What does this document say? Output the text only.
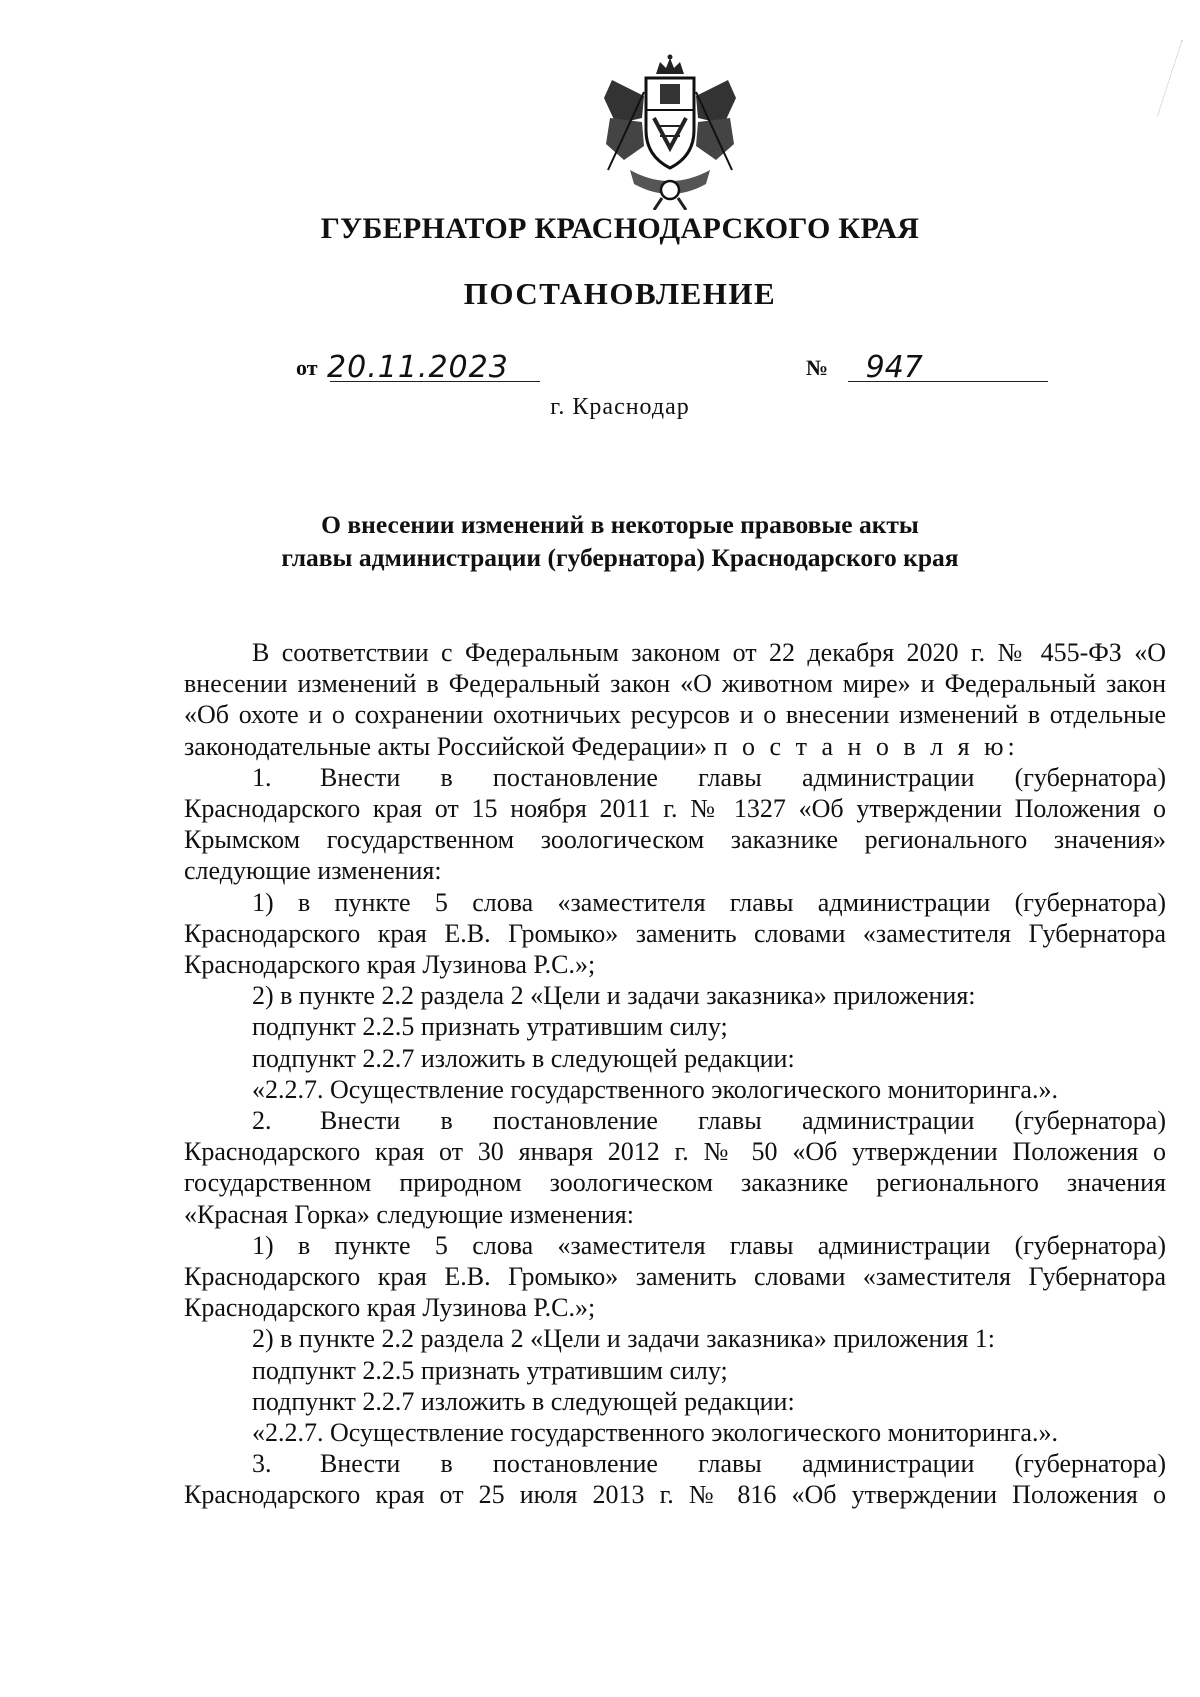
ГУБЕРНАТОР КРАСНОДАРСКОГО КРАЯ
ПОСТАНОВЛЕНИЕ
от 20.11.2023	№ 947
г. Краснодар
О внесении изменений в некоторые правовые акты
главы администрации (губернатора) Краснодарского края

В соответствии с Федеральным законом от 22 декабря 2020 г. № 455-ФЗ «О внесении изменений в Федеральный закон «О животном мире» и Федеральный закон «Об охоте и о сохранении охотничьих ресурсов и о внесении изменений в отдельные законодательные акты Российской Федерации» п о с т а н о в л я ю:

1. Внести в постановление главы администрации (губернатора) Краснодарского края от 15 ноября 2011 г. № 1327 «Об утверждении Положения о Крымском государственном зоологическом заказнике регионального значения» следующие изменения:

1) в пункте 5 слова «заместителя главы администрации (губернатора) Краснодарского края Е.В. Громыко» заменить словами «заместителя Губернатора Краснодарского края Лузинова Р.С.»;

2) в пункте 2.2 раздела 2 «Цели и задачи заказника» приложения:

подпункт 2.2.5 признать утратившим силу;

подпункт 2.2.7 изложить в следующей редакции:

«2.2.7. Осуществление государственного экологического мониторинга.».

2. Внести в постановление главы администрации (губернатора) Краснодарского края от 30 января 2012 г. № 50 «Об утверждении Положения о государственном природном зоологическом заказнике регионального значения «Красная Горка» следующие изменения:

1) в пункте 5 слова «заместителя главы администрации (губернатора) Краснодарского края Е.В. Громыко» заменить словами «заместителя Губернатора Краснодарского края Лузинова Р.С.»;

2) в пункте 2.2 раздела 2 «Цели и задачи заказника» приложения 1:

подпункт 2.2.5 признать утратившим силу;

подпункт 2.2.7 изложить в следующей редакции:

«2.2.7. Осуществление государственного экологического мониторинга.».

3. Внести в постановление главы администрации (губернатора) Краснодарского края от 25 июля 2013 г. № 816 «Об утверждении Положения о
